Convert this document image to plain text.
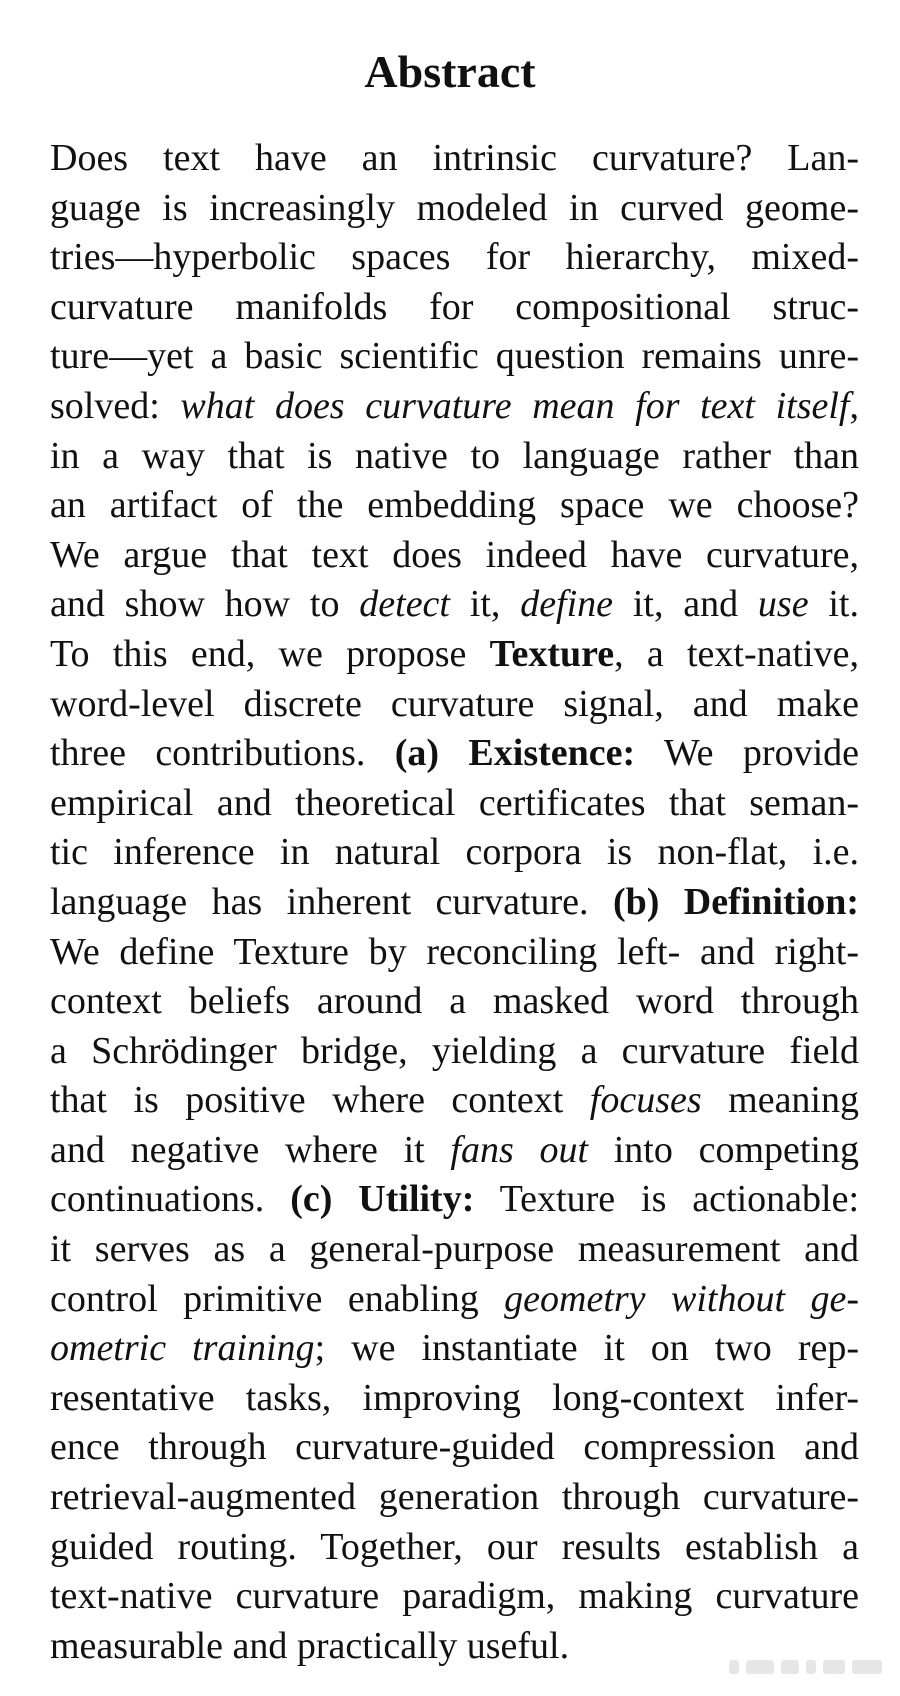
Abstract
Does text have an intrinsic curvature? Lan-
guage is increasingly modeled in curved geome-
tries—hyperbolic spaces for hierarchy, mixed-
curvature manifolds for compositional struc-
ture—yet a basic scientific question remains unre-
solved: what does curvature mean for text itself,
in a way that is native to language rather than
an artifact of the embedding space we choose?
We argue that text does indeed have curvature,
and show how to detect it, define it, and use it.
To this end, we propose Texture, a text-native,
word-level discrete curvature signal, and make
three contributions. (a) Existence: We provide
empirical and theoretical certificates that seman-
tic inference in natural corpora is non-flat, i.e.
language has inherent curvature. (b) Definition:
We define Texture by reconciling left- and right-
context beliefs around a masked word through
a Schrödinger bridge, yielding a curvature field
that is positive where context focuses meaning
and negative where it fans out into competing
continuations. (c) Utility: Texture is actionable:
it serves as a general-purpose measurement and
control primitive enabling geometry without ge-
ometric training; we instantiate it on two rep-
resentative tasks, improving long-context infer-
ence through curvature-guided compression and
retrieval-augmented generation through curvature-
guided routing. Together, our results establish a
text-native curvature paradigm, making curvature
measurable and practically useful.
